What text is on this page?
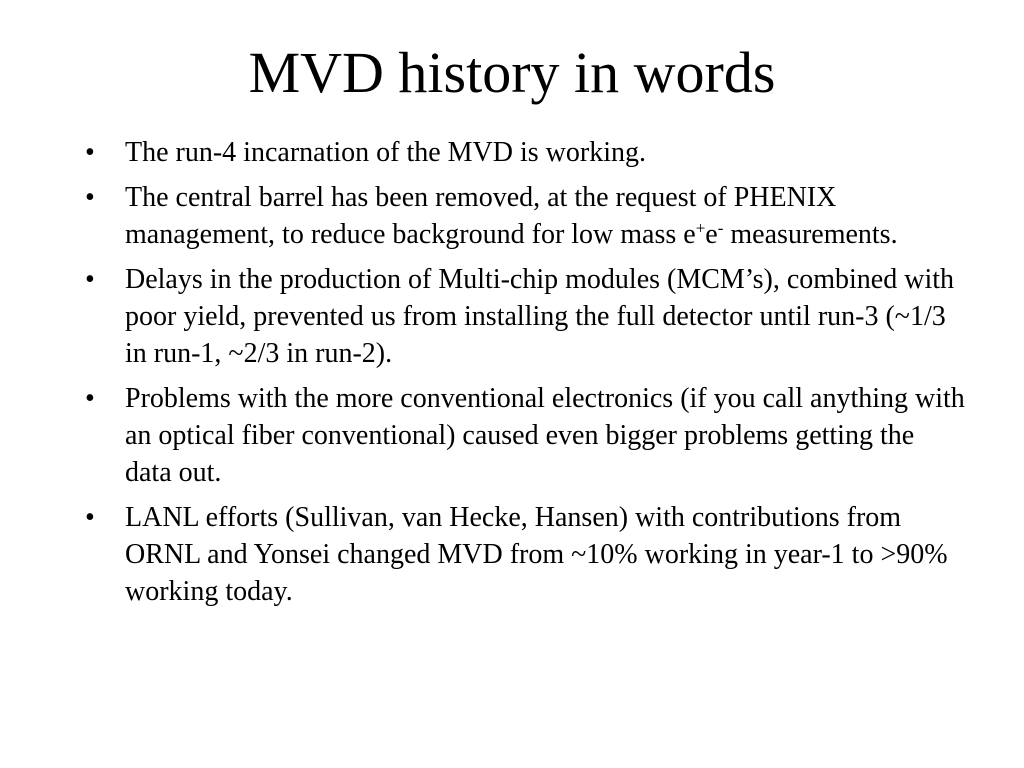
MVD history in words
•	The run-4 incarnation of the MVD is working.
•	The central barrel has been removed, at the request of PHENIX management, to reduce background for low mass e+e- measurements.
•	Delays in the production of Multi-chip modules (MCM’s), combined with poor yield, prevented us from installing the full detector until run-3 (~1/3 in run-1, ~2/3 in run-2).
•	Problems with the more conventional electronics (if you call anything with an optical fiber conventional) caused even bigger problems getting the data out.
•	LANL efforts (Sullivan, van Hecke, Hansen) with contributions from ORNL and Yonsei changed MVD from ~10% working in year-1 to >90% working today.
